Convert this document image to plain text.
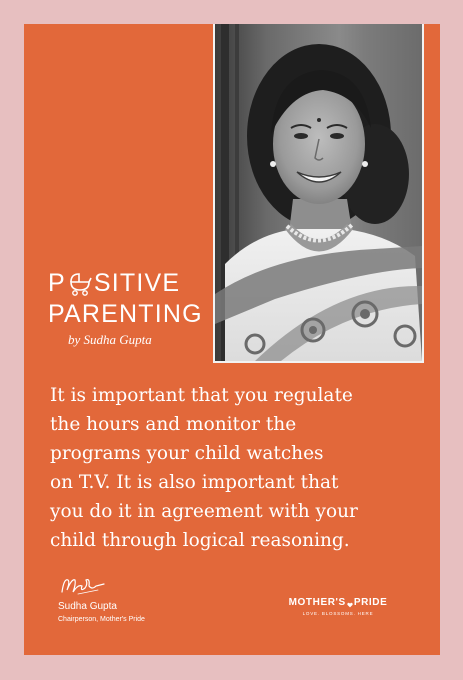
P SITIVE
PARENTING
by Sudha Gupta

It is important that you regulate
the hours and monitor the
programs your child watches
on T.V. It is also important that
you do it in agreement with your
child through logical reasoning.

Sudha Gupta
Chairperson, Mother's Pride
MOTHER'S PRIDE
LOVE. BLOSSOMS. HERE
